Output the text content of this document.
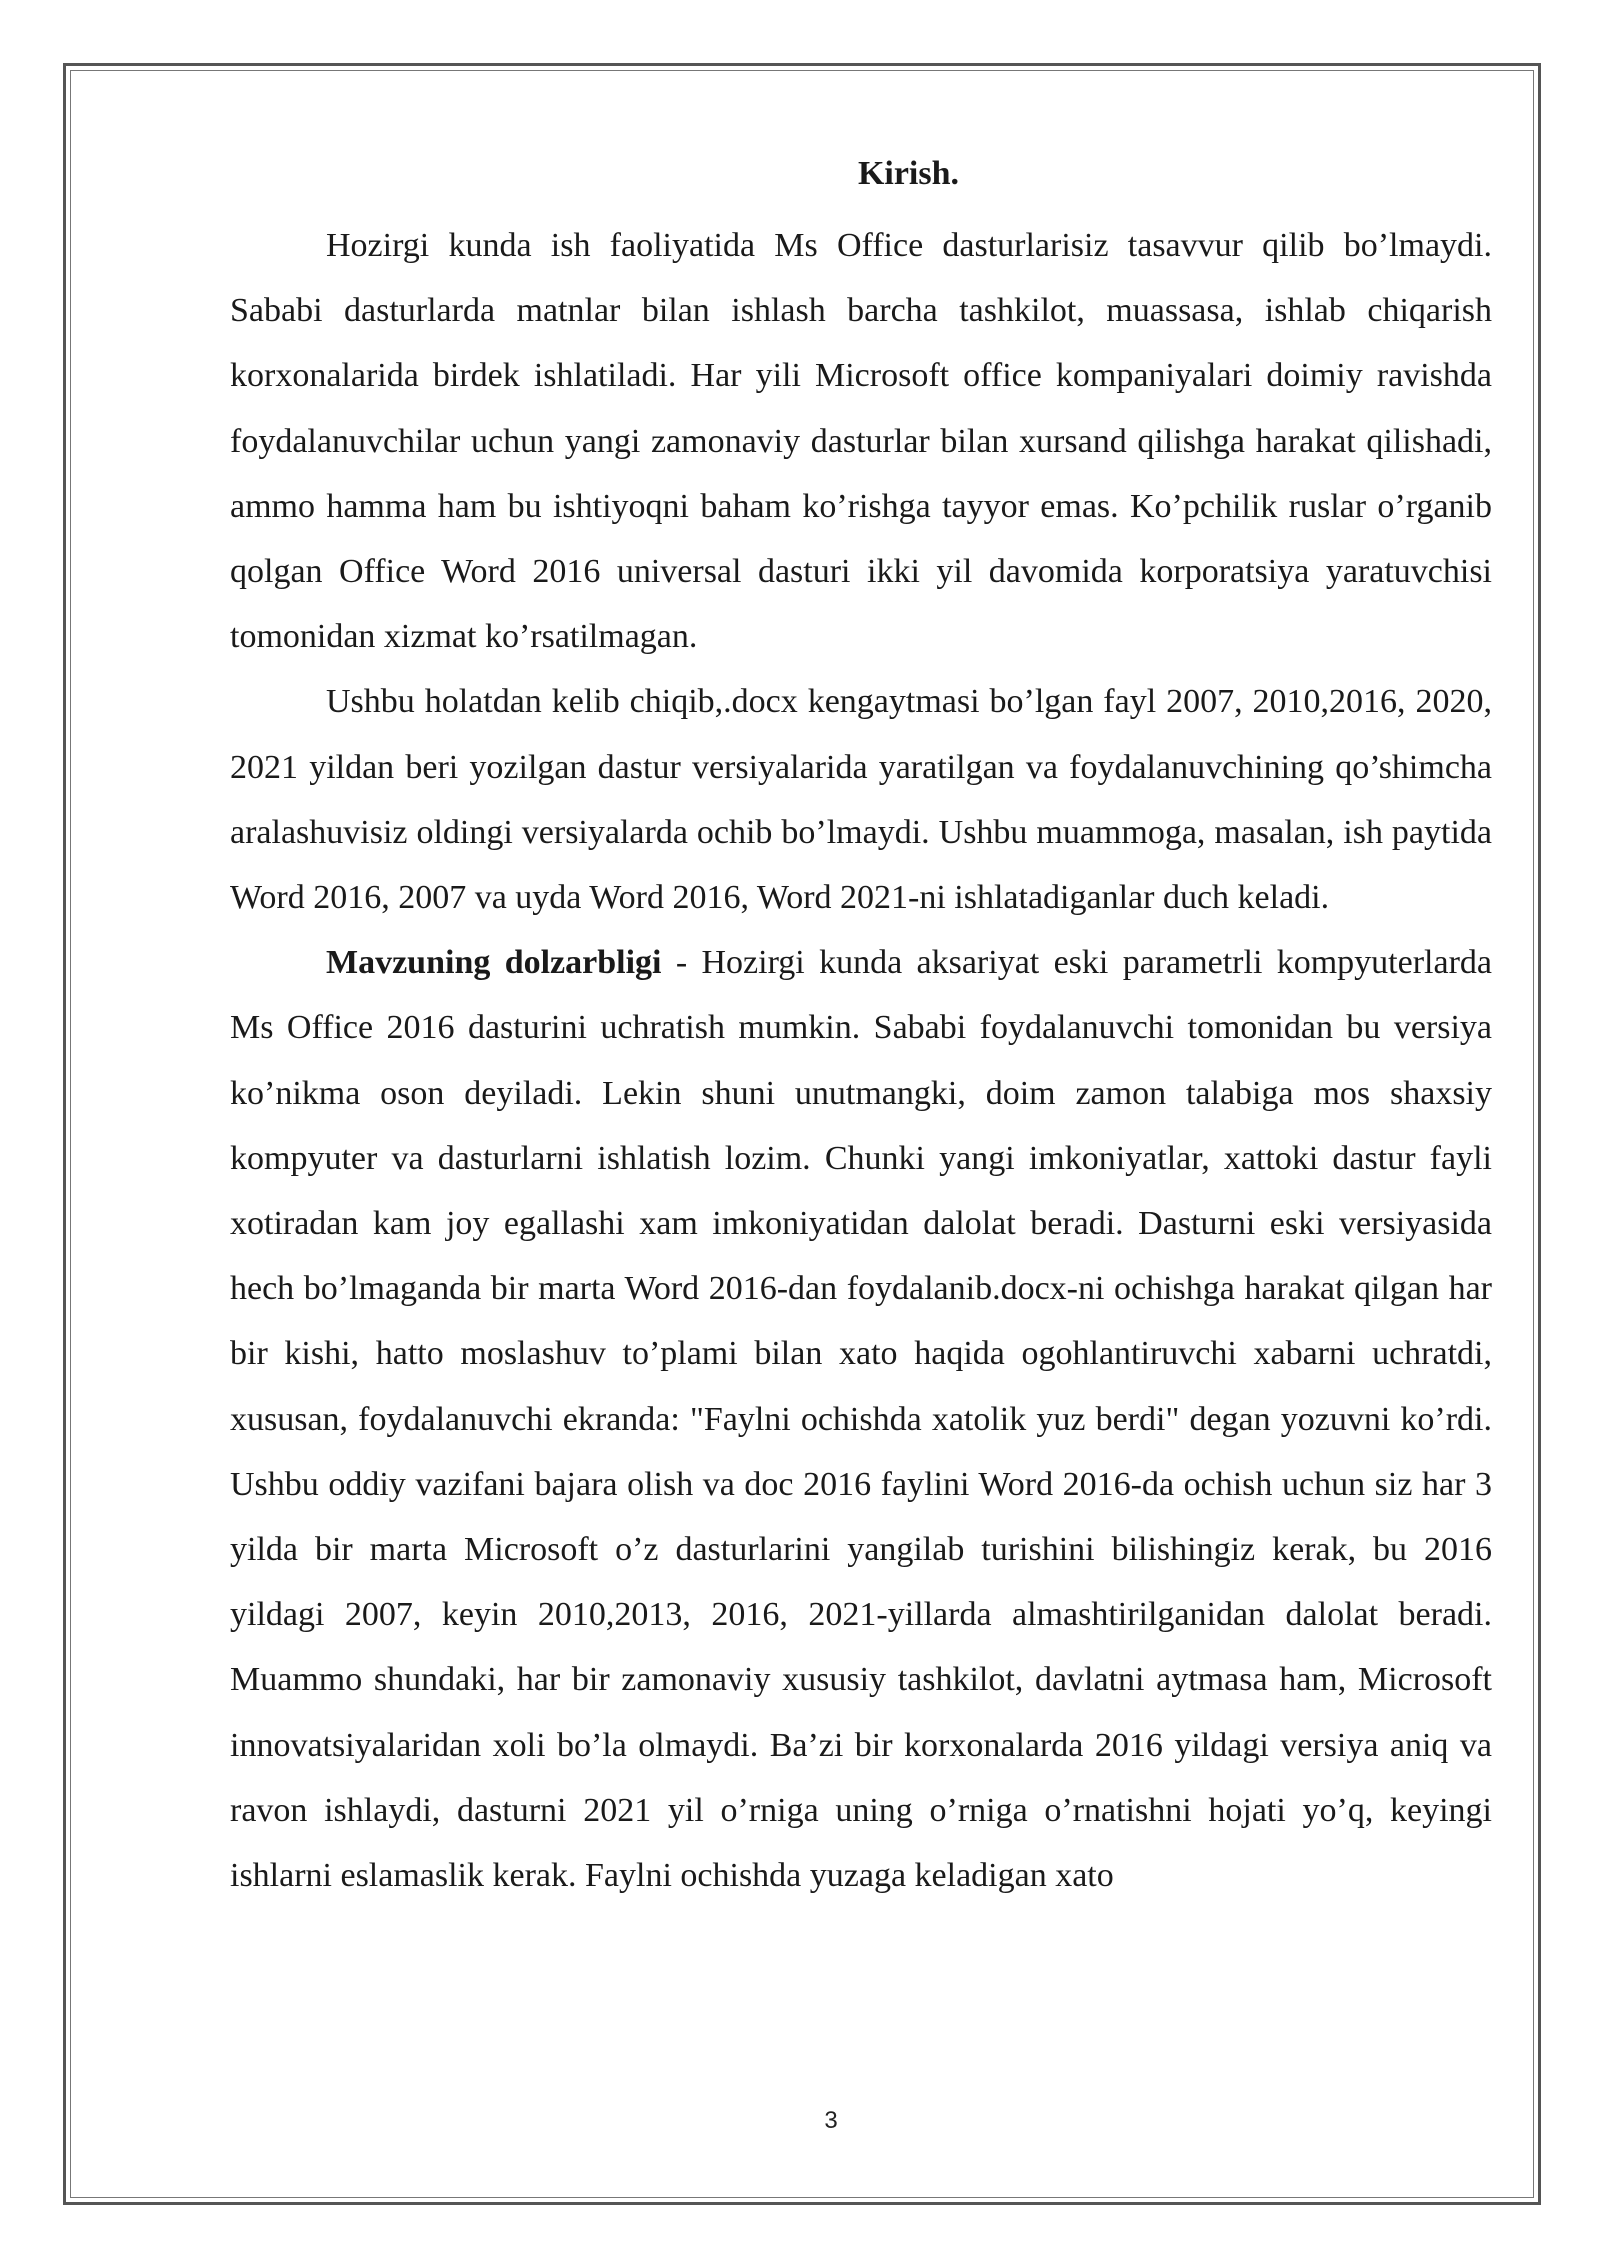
Kirish.

Hozirgi kunda ish faoliyatida Ms Office dasturlarisiz tasavvur qilib bo’lmaydi. Sababi dasturlarda matnlar bilan ishlash barcha tashkilot, muassasa, ishlab chiqarish korxonalarida birdek ishlatiladi. Har yili Microsoft office kompaniyalari doimiy ravishda foydalanuvchilar uchun yangi zamonaviy dasturlar bilan xursand qilishga harakat qilishadi, ammo hamma ham bu ishtiyoqni baham ko’rishga tayyor emas. Ko’pchilik ruslar o’rganib qolgan Office Word 2016 universal dasturi ikki yil davomida korporatsiya yaratuvchisi tomonidan xizmat ko’rsatilmagan.

Ushbu holatdan kelib chiqib,.docx kengaytmasi bo’lgan fayl 2007, 2010,2016, 2020, 2021 yildan beri yozilgan dastur versiyalarida yaratilgan va foydalanuvchining qo’shimcha aralashuvisiz oldingi versiyalarda ochib bo’lmaydi. Ushbu muammoga, masalan, ish paytida Word 2016, 2007 va uyda Word 2016, Word 2021-ni ishlatadiganlar duch keladi.

Mavzuning dolzarbligi - Hozirgi kunda aksariyat eski parametrli kompyuterlarda Ms Office 2016 dasturini uchratish mumkin. Sababi foydalanuvchi tomonidan bu versiya ko’nikma oson deyiladi. Lekin shuni unutmangki, doim zamon talabiga mos shaxsiy kompyuter va dasturlarni ishlatish lozim. Chunki yangi imkoniyatlar, xattoki dastur fayli xotiradan kam joy egallashi xam imkoniyatidan dalolat beradi. Dasturni eski versiyasida hech bo’lmaganda bir marta Word 2016-dan foydalanib.docx-ni ochishga harakat qilgan har bir kishi, hatto moslashuv to’plami bilan xato haqida ogohlantiruvchi xabarni uchratdi, xususan, foydalanuvchi ekranda: "Faylni ochishda xatolik yuz berdi" degan yozuvni ko’rdi. Ushbu oddiy vazifani bajara olish va doc 2016 faylini Word 2016-da ochish uchun siz har 3 yilda bir marta Microsoft o’z dasturlarini yangilab turishini bilishingiz kerak, bu 2016 yildagi 2007, keyin 2010,2013, 2016, 2021-yillarda almashtirilganidan dalolat beradi. Muammo shundaki, har bir zamonaviy xususiy tashkilot, davlatni aytmasa ham, Microsoft innovatsiyalaridan xoli bo’la olmaydi. Ba’zi bir korxonalarda 2016 yildagi versiya aniq va ravon ishlaydi, dasturni 2021 yil o’rniga uning o’rniga o’rnatishni hojati yo’q, keyingi ishlarni eslamaslik kerak. Faylni ochishda yuzaga keladigan xato

3
